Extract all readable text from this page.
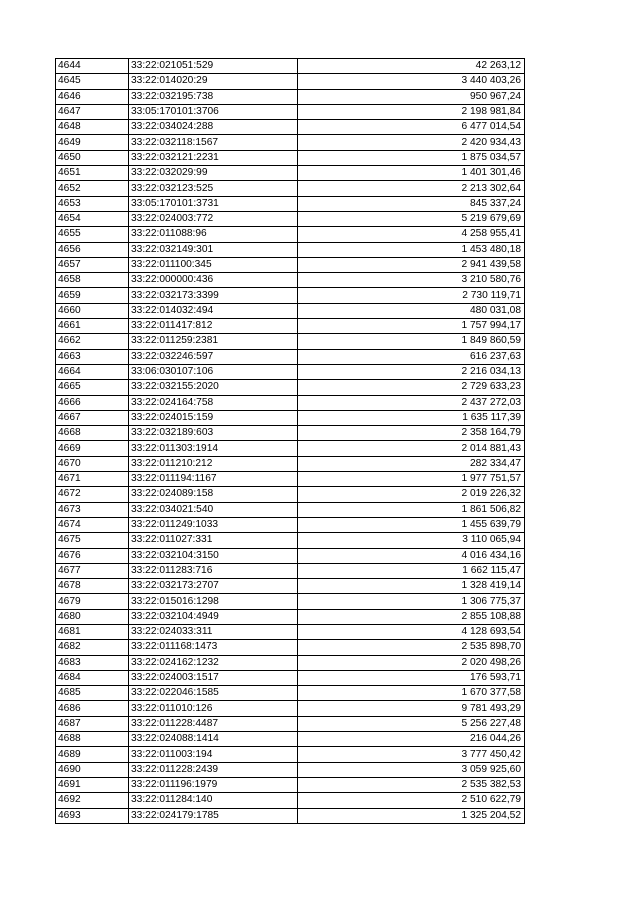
4644	33:22:021051:529	42 263,12
4645	33:22:014020:29	3 440 403,26
4646	33:22:032195:738	950 967,24
4647	33:05:170101:3706	2 198 981,84
4648	33:22:034024:288	6 477 014,54
4649	33:22:032118:1567	2 420 934,43
4650	33:22:032121:2231	1 875 034,57
4651	33:22:032029:99	1 401 301,46
4652	33:22:032123:525	2 213 302,64
4653	33:05:170101:3731	845 337,24
4654	33:22:024003:772	5 219 679,69
4655	33:22:011088:96	4 258 955,41
4656	33:22:032149:301	1 453 480,18
4657	33:22:011100:345	2 941 439,58
4658	33:22:000000:436	3 210 580,76
4659	33:22:032173:3399	2 730 119,71
4660	33:22:014032:494	480 031,08
4661	33:22:011417:812	1 757 994,17
4662	33:22:011259:2381	1 849 860,59
4663	33:22:032246:597	616 237,63
4664	33:06:030107:106	2 216 034,13
4665	33:22:032155:2020	2 729 633,23
4666	33:22:024164:758	2 437 272,03
4667	33:22:024015:159	1 635 117,39
4668	33:22:032189:603	2 358 164,79
4669	33:22:011303:1914	2 014 881,43
4670	33:22:011210:212	282 334,47
4671	33:22:011194:1167	1 977 751,57
4672	33:22:024089:158	2 019 226,32
4673	33:22:034021:540	1 861 506,82
4674	33:22:011249:1033	1 455 639,79
4675	33:22:011027:331	3 110 065,94
4676	33:22:032104:3150	4 016 434,16
4677	33:22:011283:716	1 662 115,47
4678	33:22:032173:2707	1 328 419,14
4679	33:22:015016:1298	1 306 775,37
4680	33:22:032104:4949	2 855 108,88
4681	33:22:024033:311	4 128 693,54
4682	33:22:011168:1473	2 535 898,70
4683	33:22:024162:1232	2 020 498,26
4684	33:22:024003:1517	176 593,71
4685	33:22:022046:1585	1 670 377,58
4686	33:22:011010:126	9 781 493,29
4687	33:22:011228:4487	5 256 227,48
4688	33:22:024088:1414	216 044,26
4689	33:22:011003:194	3 777 450,42
4690	33:22:011228:2439	3 059 925,60
4691	33:22:011196:1979	2 535 382,53
4692	33:22:011284:140	2 510 622,79
4693	33:22:024179:1785	1 325 204,52
